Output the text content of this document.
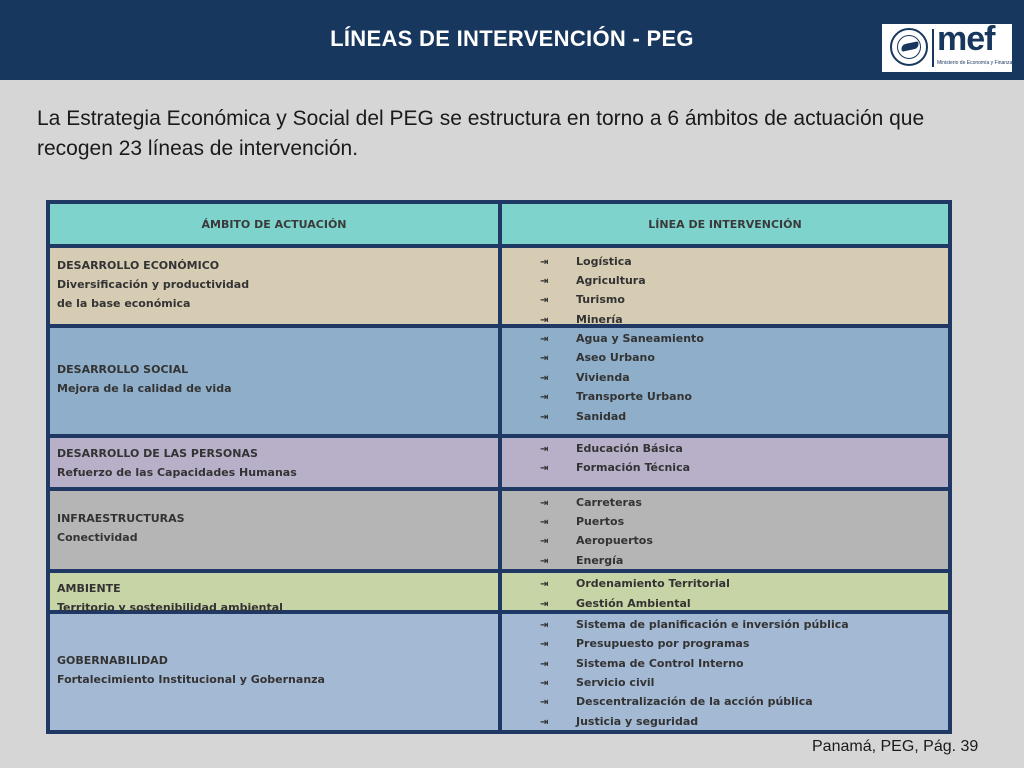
LÍNEAS DE INTERVENCIÓN - PEG	mef
Ministerio de Economía y Finanzas
La Estrategia Económica y Social del PEG se estructura en torno a 6 ámbitos de actuación que recogen 23 líneas de intervención.
ÁMBITO DE ACTUACIÓN	LÍNEA DE INTERVENCIÓN
DESARROLLO ECONÓMICO
Diversificación y productividad de la base económica
⇥	Logística
⇥	Agricultura
⇥	Turismo
⇥	Minería
DESARROLLO SOCIAL
Mejora de la calidad de vida
⇥	Agua y Saneamiento
⇥	Aseo Urbano
⇥	Vivienda
⇥	Transporte Urbano
⇥	Sanidad
DESARROLLO DE LAS PERSONAS
Refuerzo de las Capacidades Humanas
⇥	Educación Básica
⇥	Formación Técnica
INFRAESTRUCTURAS
Conectividad
⇥	Carreteras
⇥	Puertos
⇥	Aeropuertos
⇥	Energía
AMBIENTE
Territorio y sostenibilidad ambiental
⇥	Ordenamiento Territorial
⇥	Gestión Ambiental
GOBERNABILIDAD
Fortalecimiento Institucional y Gobernanza
⇥	Sistema de planificación e inversión pública
⇥	Presupuesto por programas
⇥	Sistema de Control Interno
⇥	Servicio civil
⇥	Descentralización de la acción pública
⇥	Justicia y seguridad
Panamá, PEG, Pág. 39
